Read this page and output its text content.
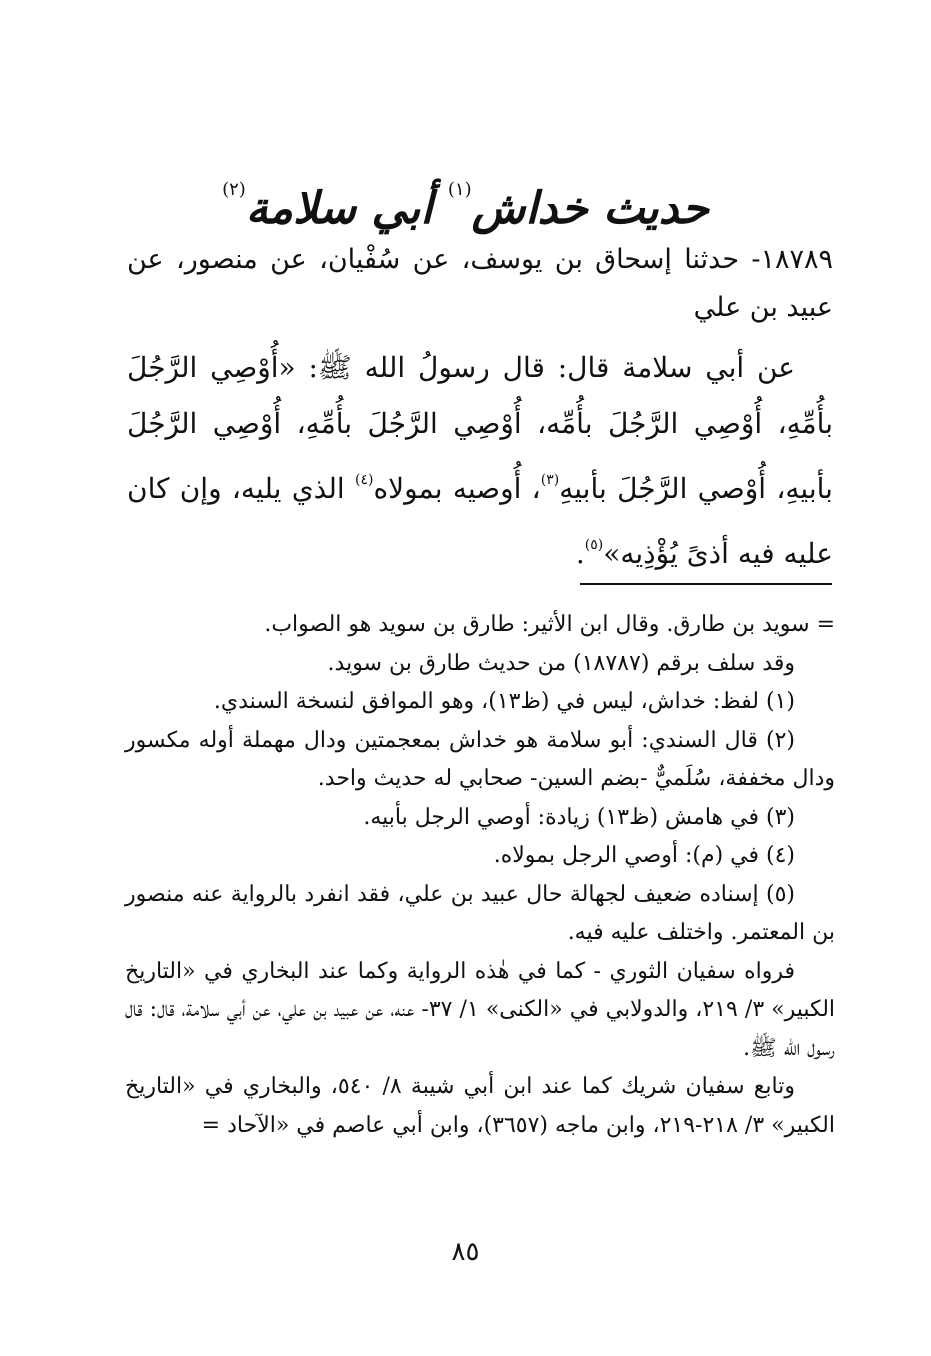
حديث خداش$^{(١)}$ أبي سلامة$^{(٢)}$

١٨٧٨٩- حدثنا إسحاق بن يوسف، عن سُفْيان، عن منصور، عن عبيد بن علي

عن أبي سلامة قال: قال رسولُ الله ﷺ: «أُوْصِي الرَّجُلَ بأُمِّهِ، أُوْصِي الرَّجُلَ بأُمِّه، أُوْصِي الرَّجُلَ بأُمِّهِ، أُوْصِي الرَّجُلَ بأبيهِ، أُوْصي الرَّجُلَ بأبيهِ$^{(٣)}$، أُوصيه بمولاه$^{(٤)}$ الذي يليه، وإن كان عليه فيه أذىً يُؤْذِيه»$^{(٥)}$.

= سويد بن طارق. وقال ابن الأثير: طارق بن سويد هو الصواب.

وقد سلف برقم (١٨٧٨٧) من حديث طارق بن سويد.

(١) لفظ: خداش، ليس في (ظ١٣)، وهو الموافق لنسخة السندي.

(٢) قال السندي: أبو سلامة هو خداش بمعجمتين ودال مهملة أوله مكسور ودال مخففة، سُلَميٌّ -بضم السين- صحابي له حديث واحد.

(٣) في هامش (ظ١٣) زيادة: أوصي الرجل بأبيه.

(٤) في (م): أوصي الرجل بمولاه.

(٥) إسناده ضعيف لجهالة حال عبيد بن علي، فقد انفرد بالرواية عنه منصور بن المعتمر. واختلف عليه فيه.

فرواه سفيان الثوري - كما في هٰذه الرواية وكما عند البخاري في «التاريخ الكبير» ٣/ ٢١٩، والدولابي في «الكنى» ١/ ٣٧- عنه، عن عبيد بن علي، عن أبي سلامة، قال: قال رسول الله ﷺ.

وتابع سفيان شريك كما عند ابن أبي شيبة ٨/ ٥٤٠، والبخاري في «التاريخ الكبير» ٣/ ٢١٨-٢١٩، وابن ماجه (٣٦٥٧)، وابن أبي عاصم في «الآحاد =

٨٥
